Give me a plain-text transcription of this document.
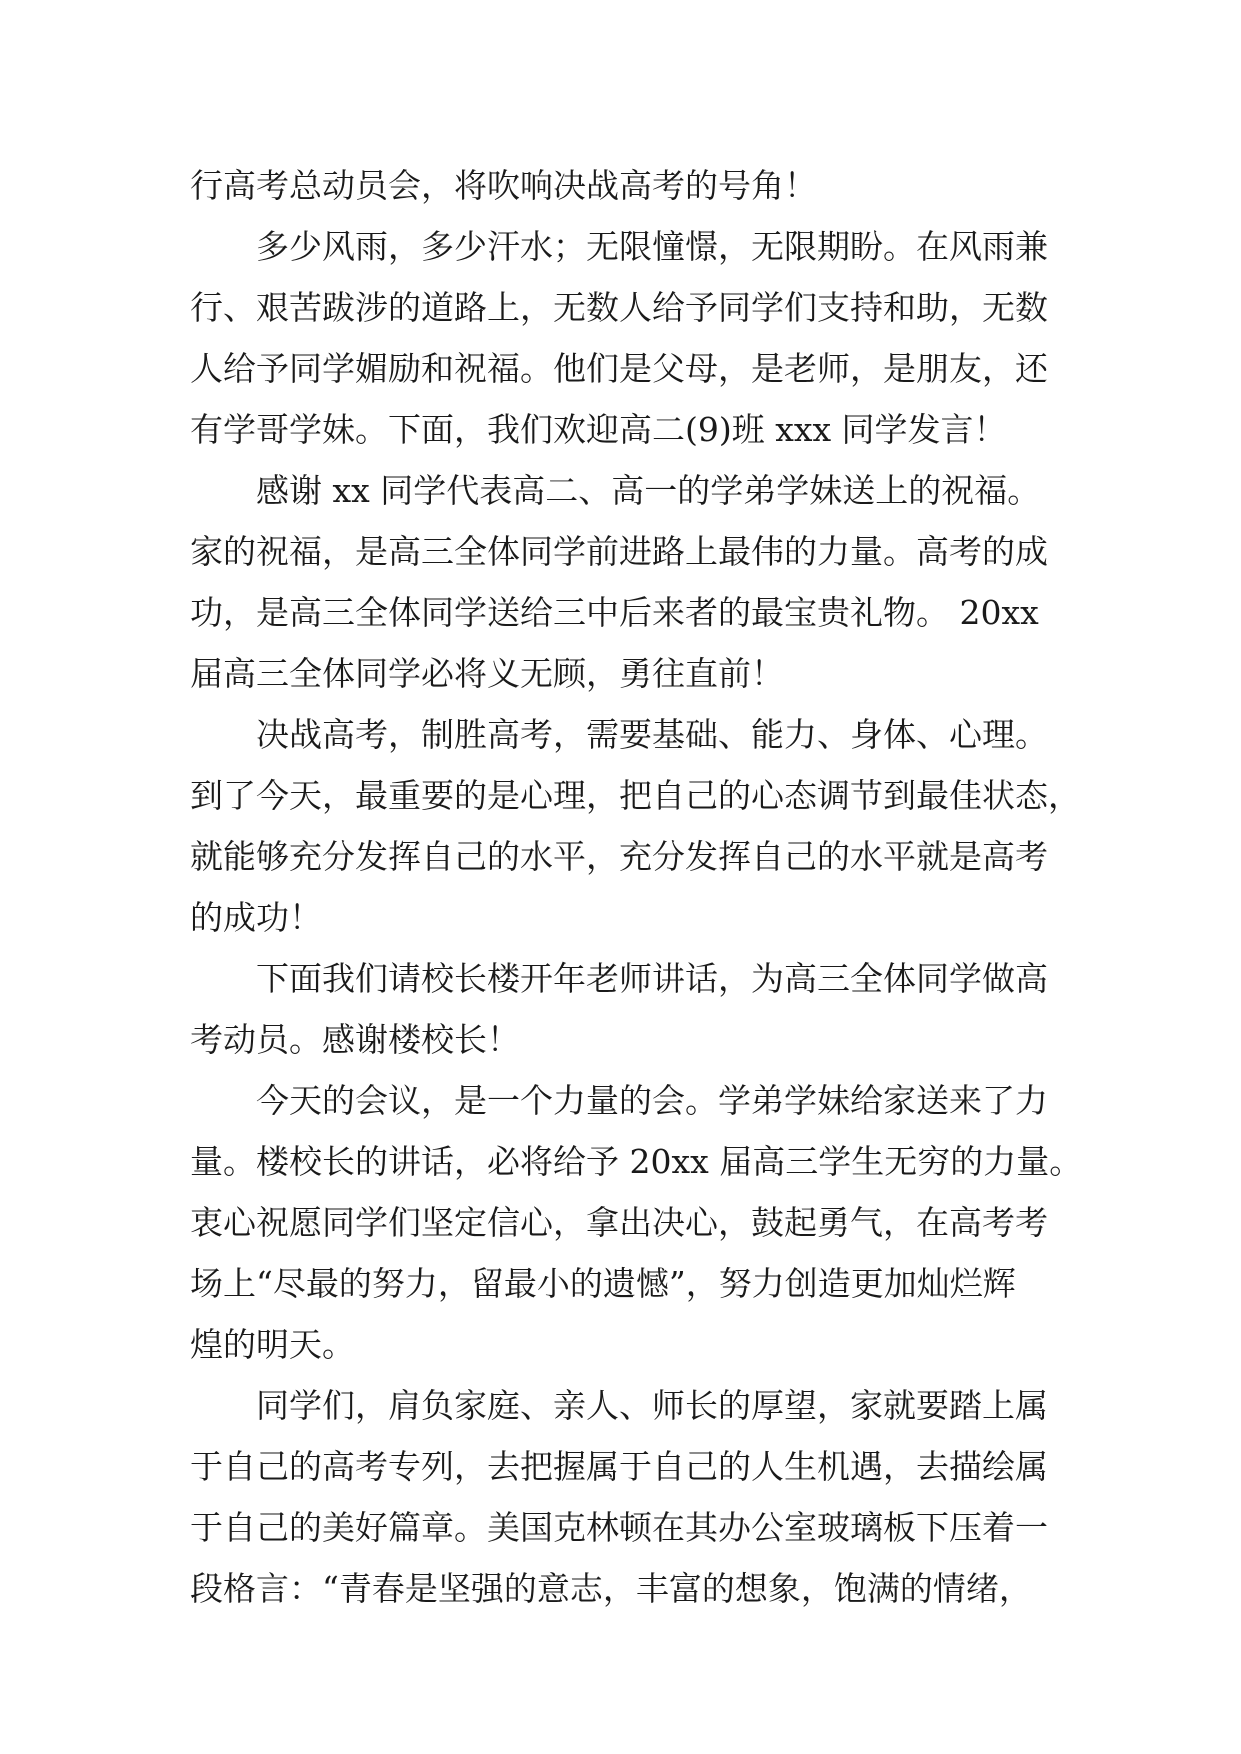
行高考总动员会，将吹响决战高考的号角！
多少风雨，多少汗水；无限憧憬，无限期盼。在风雨兼
行、艰苦跋涉的道路上，无数人给予同学们支持和助，无数
人给予同学媚励和祝福。他们是父母，是老师，是朋友，还
有学哥学妹。下面，我们欢迎高二(9)班 xxx 同学发言！
感谢 xx 同学代表高二、高一的学弟学妹送上的祝福。
家的祝福，是高三全体同学前进路上最伟的力量。高考的成
功，是高三全体同学送给三中后来者的最宝贵礼物。 20xx
届高三全体同学必将义无顾，勇往直前！
决战高考，制胜高考，需要基础、能力、身体、心理。
到了今天，最重要的是心理，把自己的心态调节到最佳状态，
就能够充分发挥自己的水平，充分发挥自己的水平就是高考
的成功！
下面我们请校长楼开年老师讲话，为高三全体同学做高
考动员。感谢楼校长！
今天的会议，是一个力量的会。学弟学妹给家送来了力
量。楼校长的讲话，必将给予 20xx 届高三学生无穷的力量。
衷心祝愿同学们坚定信心，拿出决心，鼓起勇气，在高考考
场上“尽最的努力，留最小的遗憾”，努力创造更加灿烂辉
煌的明天。
同学们，肩负家庭、亲人、师长的厚望，家就要踏上属
于自己的高考专列，去把握属于自己的人生机遇，去描绘属
于自己的美好篇章。美国克林顿在其办公室玻璃板下压着一
段格言：“青春是坚强的意志，丰富的想象，饱满的情绪，
